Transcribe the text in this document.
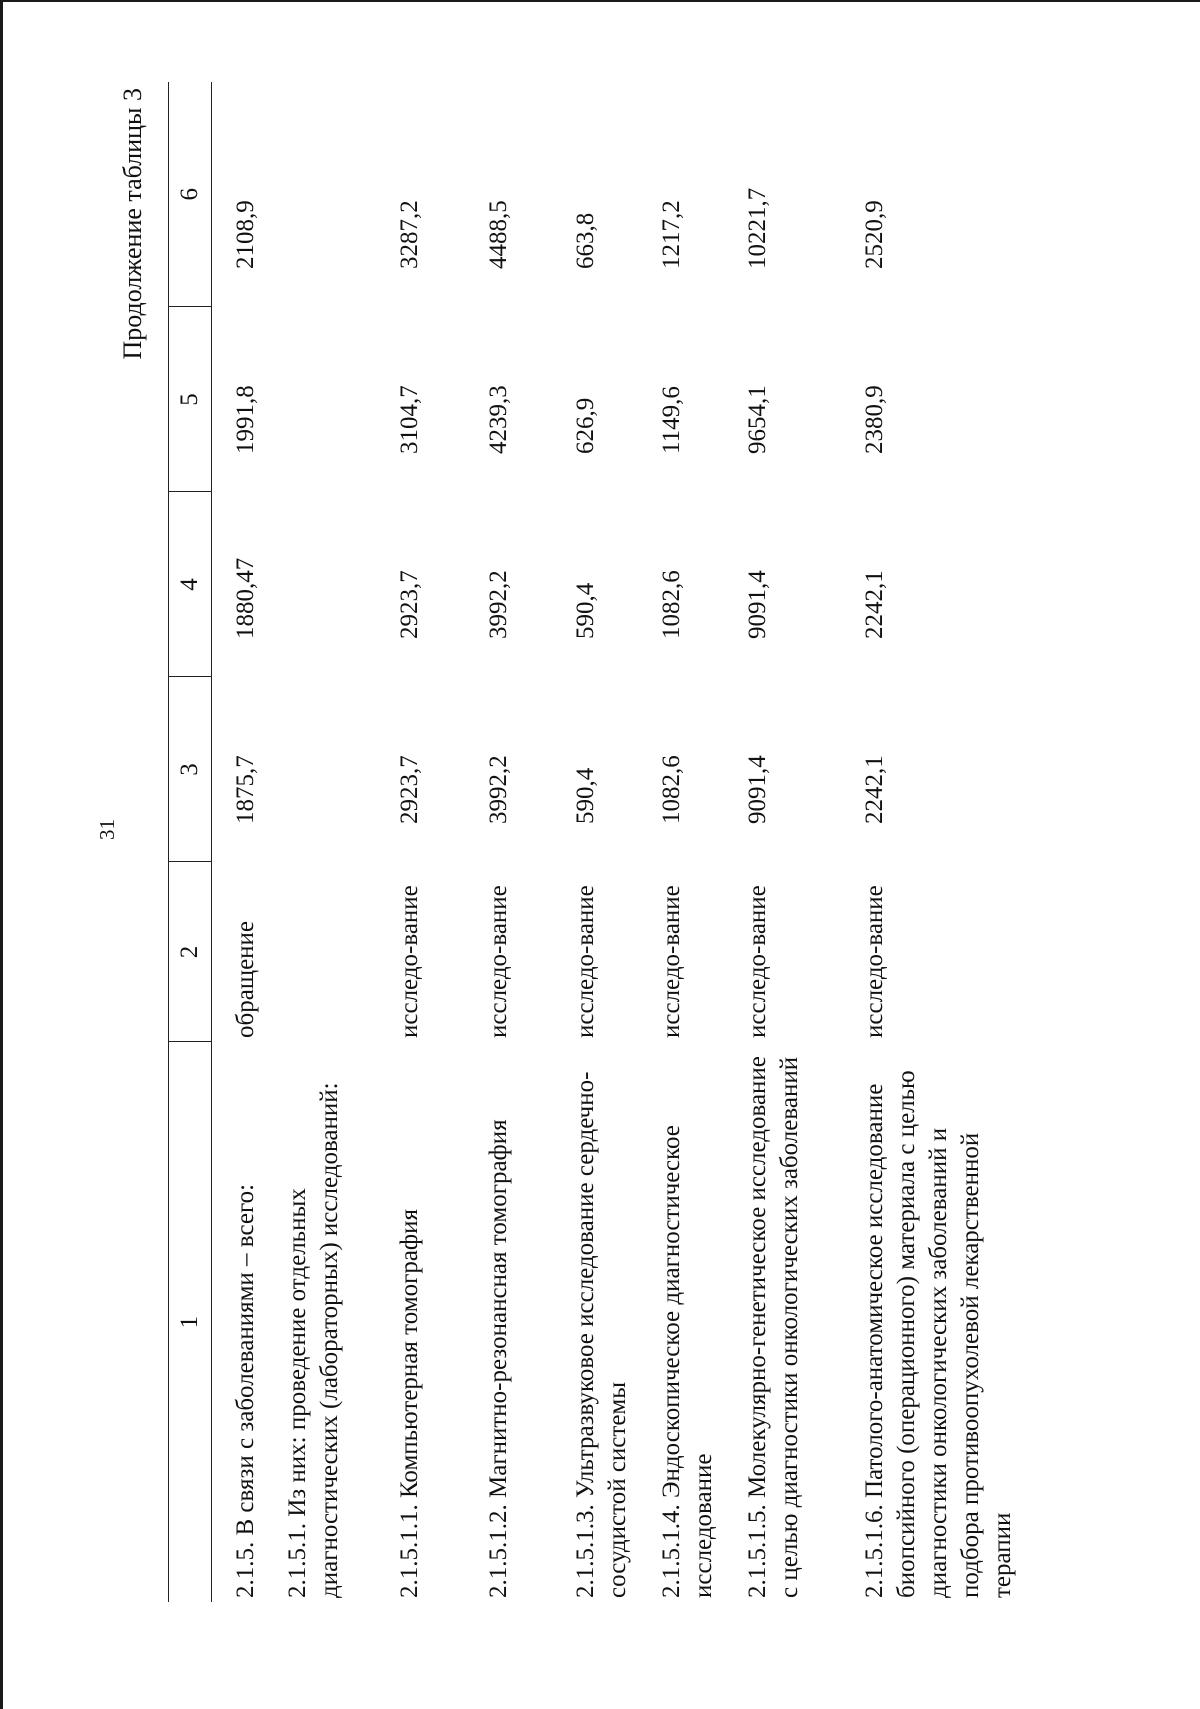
31
Продолжение таблицы 3
1	2	3	4	5	6
2.1.5. В связи с заболеваниями – всего:	обращение	1875,7	1880,47	1991,8	2108,9
2.1.5.1. Из них: проведение отдельных диагностических (лабораторных) исследований:					
2.1.5.1.1. Компьютерная томография	исследо-вание	2923,7	2923,7	3104,7	3287,2
2.1.5.1.2. Магнитно-резонансная томография	исследо-вание	3992,2	3992,2	4239,3	4488,5
2.1.5.1.3. Ультразвуковое исследование сердечно-сосудистой системы	исследо-вание	590,4	590,4	626,9	663,8
2.1.5.1.4. Эндоскопическое диагностическое исследование	исследо-вание	1082,6	1082,6	1149,6	1217,2
2.1.5.1.5. Молекулярно-генетическое исследование с целью диагностики онкологических заболеваний	исследо-вание	9091,4	9091,4	9654,1	10221,7
2.1.5.1.6. Патолого-анатомическое исследование биопсийного (операционного) материала с целью диагностики онкологических заболеваний и подбора противоопухолевой лекарственной терапии	исследо-вание	2242,1	2242,1	2380,9	2520,9
